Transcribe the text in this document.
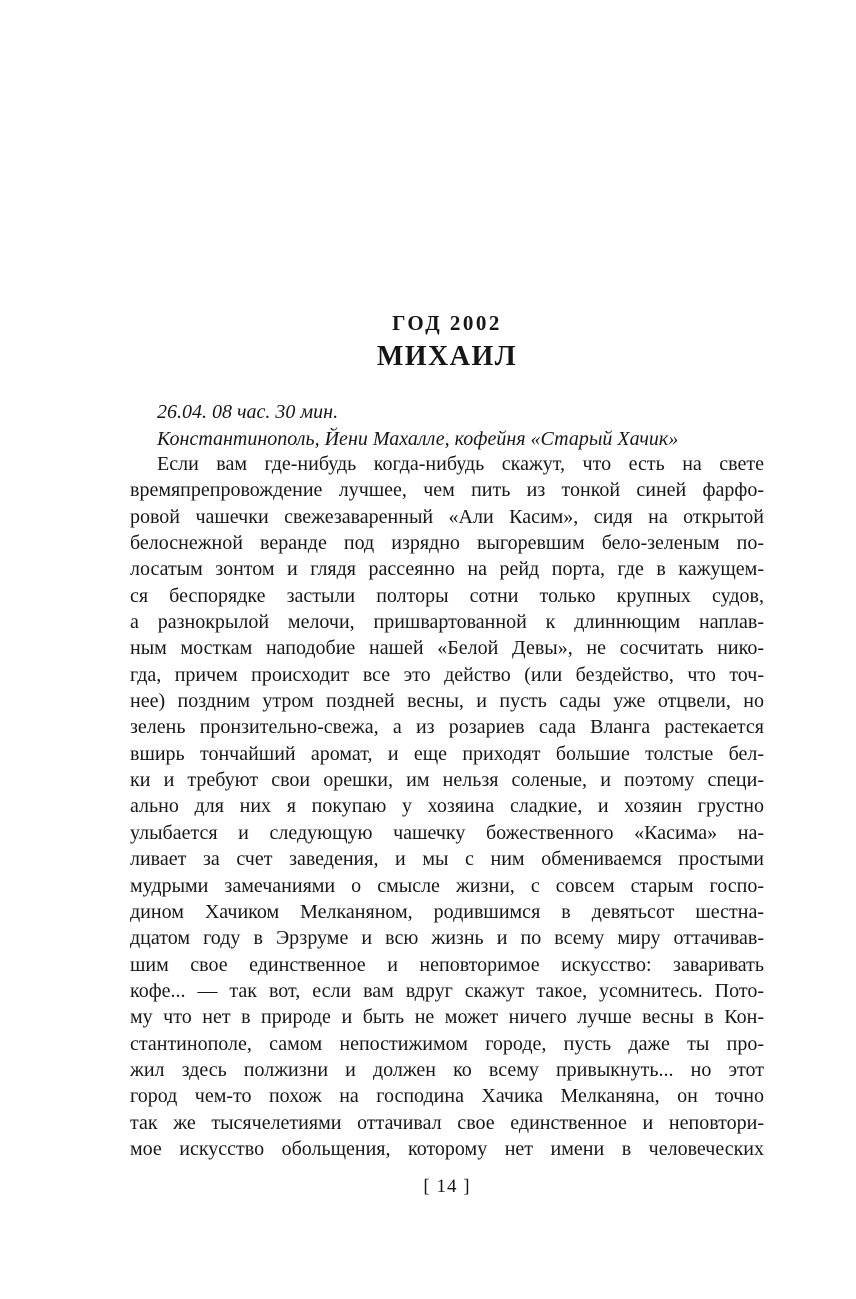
ГОД 2002
МИХАИЛ
26.04. 08 час. 30 мин.
Константинополь, Йени Махалле, кофейня «Старый Хачик»
Если вам где-нибудь когда-нибудь скажут, что есть на свете
времяпрепровождение лучшее, чем пить из тонкой синей фарфо-
ровой чашечки свежезаваренный «Али Касим», сидя на открытой
белоснежной веранде под изрядно выгоревшим бело-зеленым по-
лосатым зонтом и глядя рассеянно на рейд порта, где в кажущем-
ся беспорядке застыли полторы сотни только крупных судов,
а разнокрылой мелочи, пришвартованной к длиннющим наплав-
ным мосткам наподобие нашей «Белой Девы», не сосчитать нико-
гда, причем происходит все это действо (или бездейство, что точ-
нее) поздним утром поздней весны, и пусть сады уже отцвели, но
зелень пронзительно-свежа, а из розариев сада Вланга растекается
вширь тончайший аромат, и еще приходят большие толстые бел-
ки и требуют свои орешки, им нельзя соленые, и поэтому специ-
ально для них я покупаю у хозяина сладкие, и хозяин грустно
улыбается и следующую чашечку божественного «Касима» на-
ливает за счет заведения, и мы с ним обмениваемся простыми
мудрыми замечаниями о смысле жизни, с совсем старым госпо-
дином Хачиком Мелканяном, родившимся в девятьсот шестна-
дцатом году в Эрзруме и всю жизнь и по всему миру оттачивав-
шим свое единственное и неповторимое искусство: заваривать
кофе... — так вот, если вам вдруг скажут такое, усомнитесь. Пото-
му что нет в природе и быть не может ничего лучше весны в Кон-
стантинополе, самом непостижимом городе, пусть даже ты про-
жил здесь полжизни и должен ко всему привыкнуть... но этот
город чем-то похож на господина Хачика Мелканяна, он точно
так же тысячелетиями оттачивал свое единственное и неповтори-
мое искусство обольщения, которому нет имени в человеческих
[ 14 ]
